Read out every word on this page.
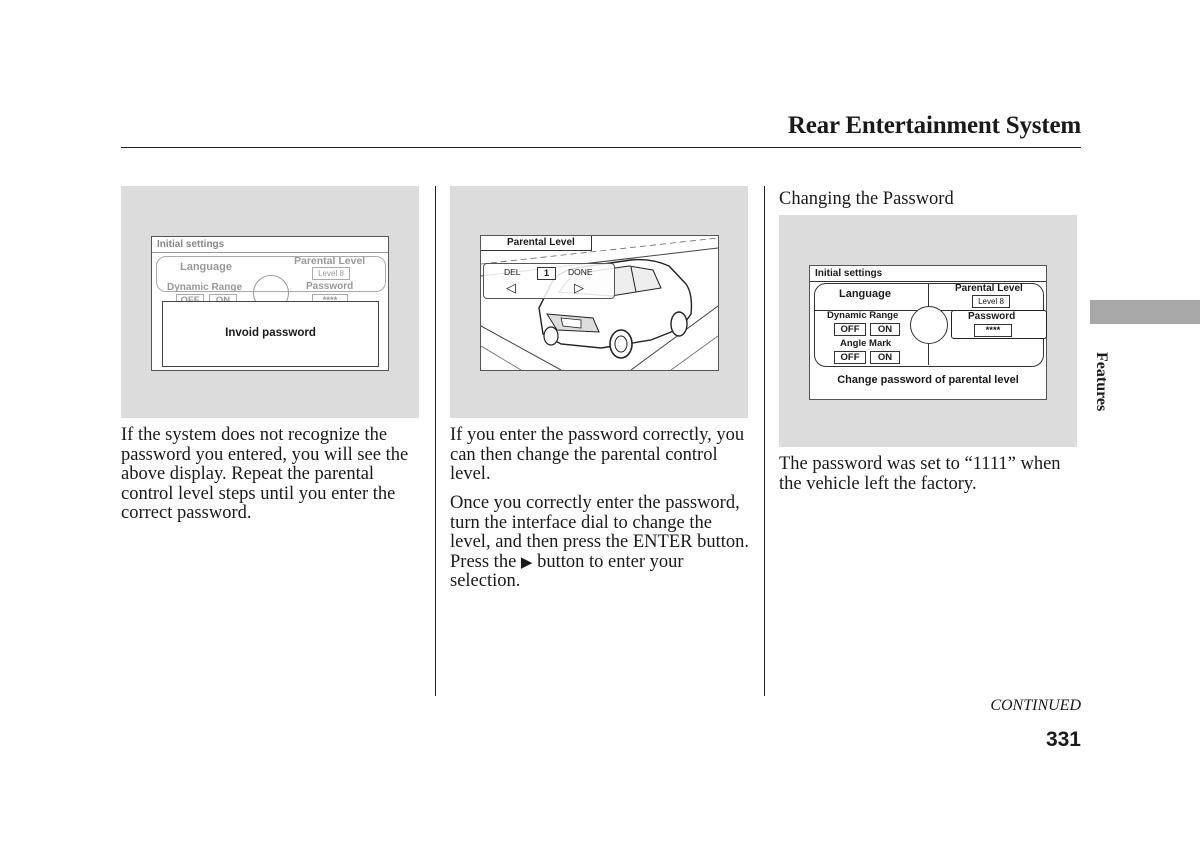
Rear Entertainment System
Initial settings
Language	Parental Level
Level 8
Dynamic Range	Password
Invoid password
If the system does not recognize the password you entered, you will see the above display. Repeat the parental control level steps until you enter the correct password.
Parental Level
DEL	1	DONE
◁	▷
If you enter the password correctly, you can then change the parental control level.
Once you correctly enter the password, turn the interface dial to change the level, and then press the ENTER button. Press the ▶ button to enter your selection.
Changing the Password
Initial settings
Language	Parental Level
Level 8
Dynamic Range
OFF	ON
Password
****
Angle Mark
OFF	ON
Change password of parental level
The password was set to “1111” when the vehicle left the factory.
Features
CONTINUED
331
